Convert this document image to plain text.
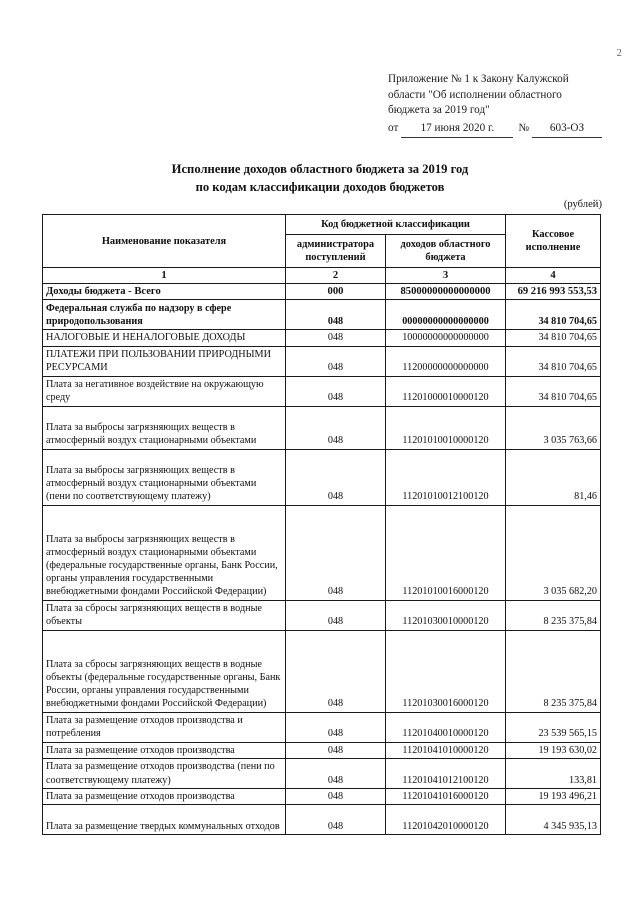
2
Приложение № 1 к Закону Калужской
области "Об исполнении областного
бюджета за 2019 год"
от	17 июня 2020 г.	№	603-ОЗ
Исполнение доходов областного бюджета за 2019 год
по кодам классификации доходов бюджетов
(рублей)
Наименование показателя	Код бюджетной классификации		Кассовое исполнение
	администратора поступлений	доходов областного бюджета	
1	2	3	4
Доходы бюджета - Всего	000	85000000000000000	69 216 993 553,53
Федеральная служба по надзору в сфере природопользования	048	00000000000000000	34 810 704,65
НАЛОГОВЫЕ И НЕНАЛОГОВЫЕ ДОХОДЫ	048	10000000000000000	34 810 704,65
ПЛАТЕЖИ ПРИ ПОЛЬЗОВАНИИ ПРИРОДНЫМИ РЕСУРСАМИ	048	11200000000000000	34 810 704,65
Плата за негативное воздействие на окружающую среду	048	11201000010000120	34 810 704,65
Плата за выбросы загрязняющих веществ в атмосферный воздух стационарными объектами	048	11201010010000120	3 035 763,66
Плата за выбросы загрязняющих веществ в атмосферный воздух стационарными объектами (пени по соответствующему платежу)	048	11201010012100120	81,46
Плата за выбросы загрязняющих веществ в атмосферный воздух стационарными объектами (федеральные государственные органы, Банк России, органы управления государственными внебюджетными фондами Российской Федерации)	048	11201010016000120	3 035 682,20
Плата за сбросы загрязняющих веществ в водные объекты	048	11201030010000120	8 235 375,84
Плата за сбросы загрязняющих веществ в водные объекты (федеральные государственные органы, Банк России, органы управления государственными внебюджетными фондами Российской Федерации)	048	11201030016000120	8 235 375,84
Плата за размещение отходов производства и потребления	048	11201040010000120	23 539 565,15
Плата за размещение отходов производства	048	11201041010000120	19 193 630,02
Плата за размещение отходов производства (пени по соответствующему платежу)	048	11201041012100120	133,81
Плата за размещение отходов производства	048	11201041016000120	19 193 496,21
Плата за размещение твердых коммунальных отходов	048	11201042010000120	4 345 935,13
